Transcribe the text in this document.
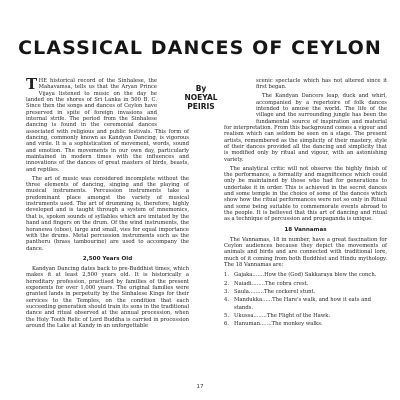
CLASSICAL DANCES OF CEYLON
By
NOEYAL
PEIRIS

THE historical record of the Sinhalese, the Mahavamsa, tells us that the Aryan Prince Vijaya listened to music on the day he landed on the shores of Sri Lanka in 500 B. C. Since then the songs and dances of Ceylon have preserved in spite of foreign invasions and internal strife. The period from the Sinhalese dancing is found in the ceremonial dances associated with religious and public festivals. This form of dancing, commonly known as Kandyan Dancing, is vigorous and virile. It is a sophistication of movement, words, sound and emotion. The movements in our own day, particularly maintained in modern times with the influences and innovations of the dances of great masters of birds, beasts, and reptiles.

The art of music was considered incomplete without the three elements of dancing, singing and the playing of musical instruments. Percussion instruments take a predominant place amongst the variety of musical instruments used. The art of drumming is, therefore, highly developed and is taught through a system of mnemonics, that is, spoken sounds of syllables which are imitated by the hand and fingers on the drum. Of the wind instruments, the horanewa (oboe), large and small, vies for equal importance with the drums. Metal percussion instruments such as the pantheru (brass tambourine) are used to accompany the dance.

2,500 Years Old

Kandyan Dancing dates back to pre-Buddhist times, which makes it at least 2,500 years old. It is historically a hereditary profession, practised by families of the present exponents for over 1,000 years. The original families were granted lands in perpetuity by the Sinhalese Kings for their services to the Temples, on the condition that each succeeding generation should train its sons in the traditional dance and ritual observed at the annual procession, when the Holy Tooth Relic of Lord Buddha is carried in procession around the Lake at Kandy in an unforgettable

scenic spectacle which has not altered since it first began.

The Kandyan Dancers leap, duck and whirl, accompanied by a repertoire of folk dances intended to amuse the world. The life of the village and the surrounding jungle has been the fundamental source of inspiration and material for interpretation. From this background comes a vigour and realism which can seldom be seen on a stage. The present artists, remembered as the simplicity of their mastery, style of their dances provided all the dancing and simplicity that is modified only by ritual and vigour, with an astonishing variety.

The analytical critic will not observe the highly finish of the performance, a formality and magnificence which could only be maintained by those who had for generations to undertake it in order. This is achieved in the secret dances and some temple in the choice of some of the dances which show how the ritual performances were not so only in Ritual and some being suitable to commemorate events abroad to the people. It is believed that this art of dancing and ritual as a technique of percussion and propaganda is unique.

18 Vannamas

The Vannamas, 18 in number, have a great fascination for Ceylon audiences because they depict the movements of animals and birds and are connected with traditional lore, much of it coming from both Buddhist and Hindu mythology. The 18 Vannamas are:

1. Gajaka.......How the (God) Sakkaraya blew the conch.
2. Naiadi........The cobra crest.
3. Saula.........The cockerel stunt.
4. Mandukka......The Hare's walk, and how it eats and stands.
5. Ukussa........The Flight of the Hawk.
6. Hanuman.......The monkey walks.
17
